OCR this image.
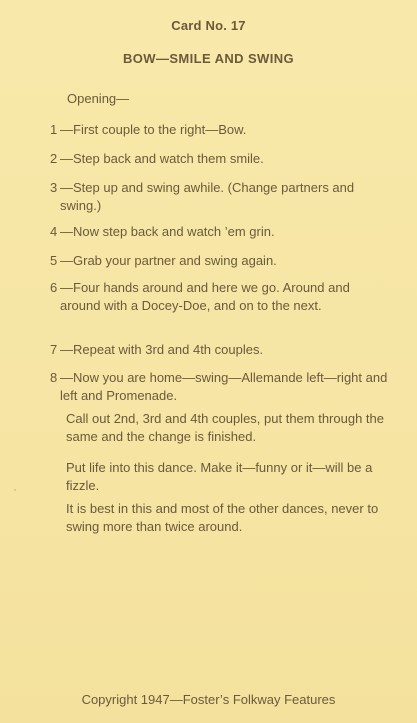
Card No. 17
BOW—SMILE AND SWING
Opening—
1 —First couple to the right—Bow.
2 —Step back and watch them smile.
3 —Step up and swing awhile. (Change partners and swing.)
4 —Now step back and watch ’em grin.
5 —Grab your partner and swing again.
6 —Four hands around and here we go. Around and around with a Docey-Doe, and on to the next.
7 —Repeat with 3rd and 4th couples.
8 —Now you are home—swing—Allemande left—right and left and Promenade.
Call out 2nd, 3rd and 4th couples, put them through the same and the change is finished.
Put life into this dance. Make it—funny or it—will be a fizzle.
It is best in this and most of the other dances, never to swing more than twice around.
Copyright 1947—Foster’s Folkway Features
